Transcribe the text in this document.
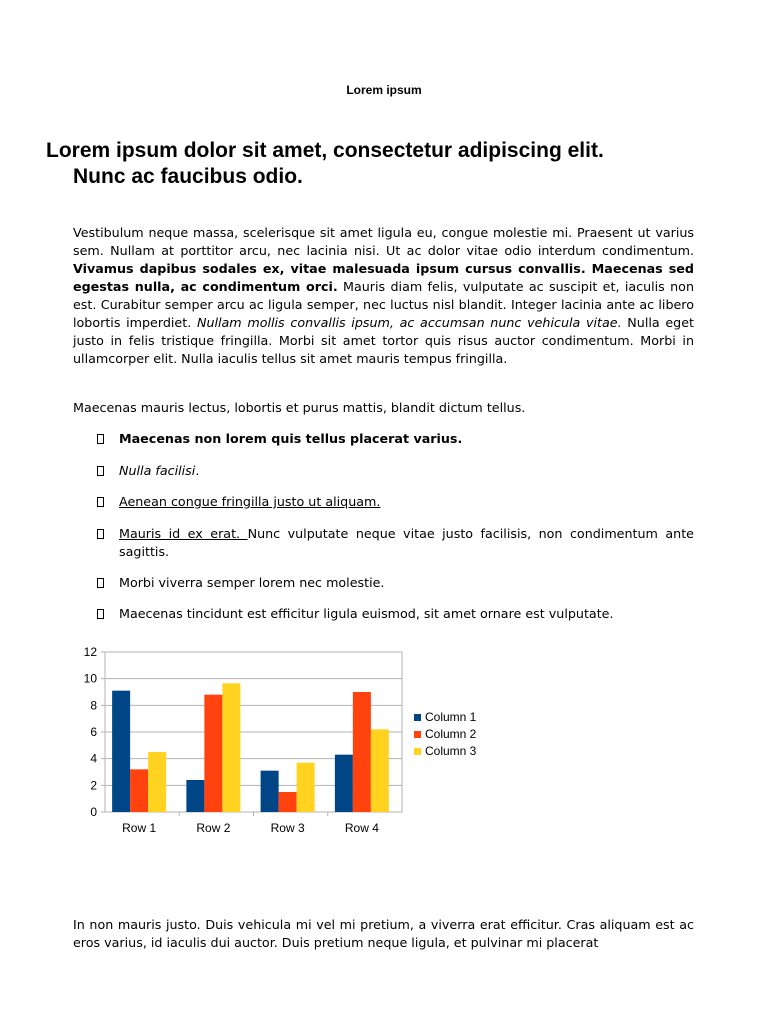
Lorem ipsum
Lorem ipsum dolor sit amet, consectetur adipiscing elit.
Nunc ac faucibus odio.

Vestibulum neque massa, scelerisque sit amet ligula eu, congue molestie mi. Praesent ut varius sem. Nullam at porttitor arcu, nec lacinia nisi. Ut ac dolor vitae odio interdum condimentum. Vivamus dapibus sodales ex, vitae malesuada ipsum cursus convallis. Maecenas sed egestas nulla, ac condimentum orci. Mauris diam felis, vulputate ac suscipit et, iaculis non est. Curabitur semper arcu ac ligula semper, nec luctus nisl blandit. Integer lacinia ante ac libero lobortis imperdiet. Nullam mollis convallis ipsum, ac accumsan nunc vehicula vitae. Nulla eget justo in felis tristique fringilla. Morbi sit amet tortor quis risus auctor condimentum. Morbi in ullamcorper elit. Nulla iaculis tellus sit amet mauris tempus fringilla.

Maecenas mauris lectus, lobortis et purus mattis, blandit dictum tellus.

Maecenas non lorem quis tellus placerat varius.
Nulla facilisi.
Aenean congue fringilla justo ut aliquam.
Mauris id ex erat. Nunc vulputate neque vitae justo facilisis, non condimentum ante sagittis.
Morbi viverra semper lorem nec molestie.
Maecenas tincidunt est efficitur ligula euismod, sit amet ornare est vulputate.
0
2
4
6
8
10
12
Row 1	Row 2	Row 3	Row 4
Column 1
Column 2
Column 3

In non mauris justo. Duis vehicula mi vel mi pretium, a viverra erat efficitur. Cras aliquam est ac eros varius, id iaculis dui auctor. Duis pretium neque ligula, et pulvinar mi placerat
